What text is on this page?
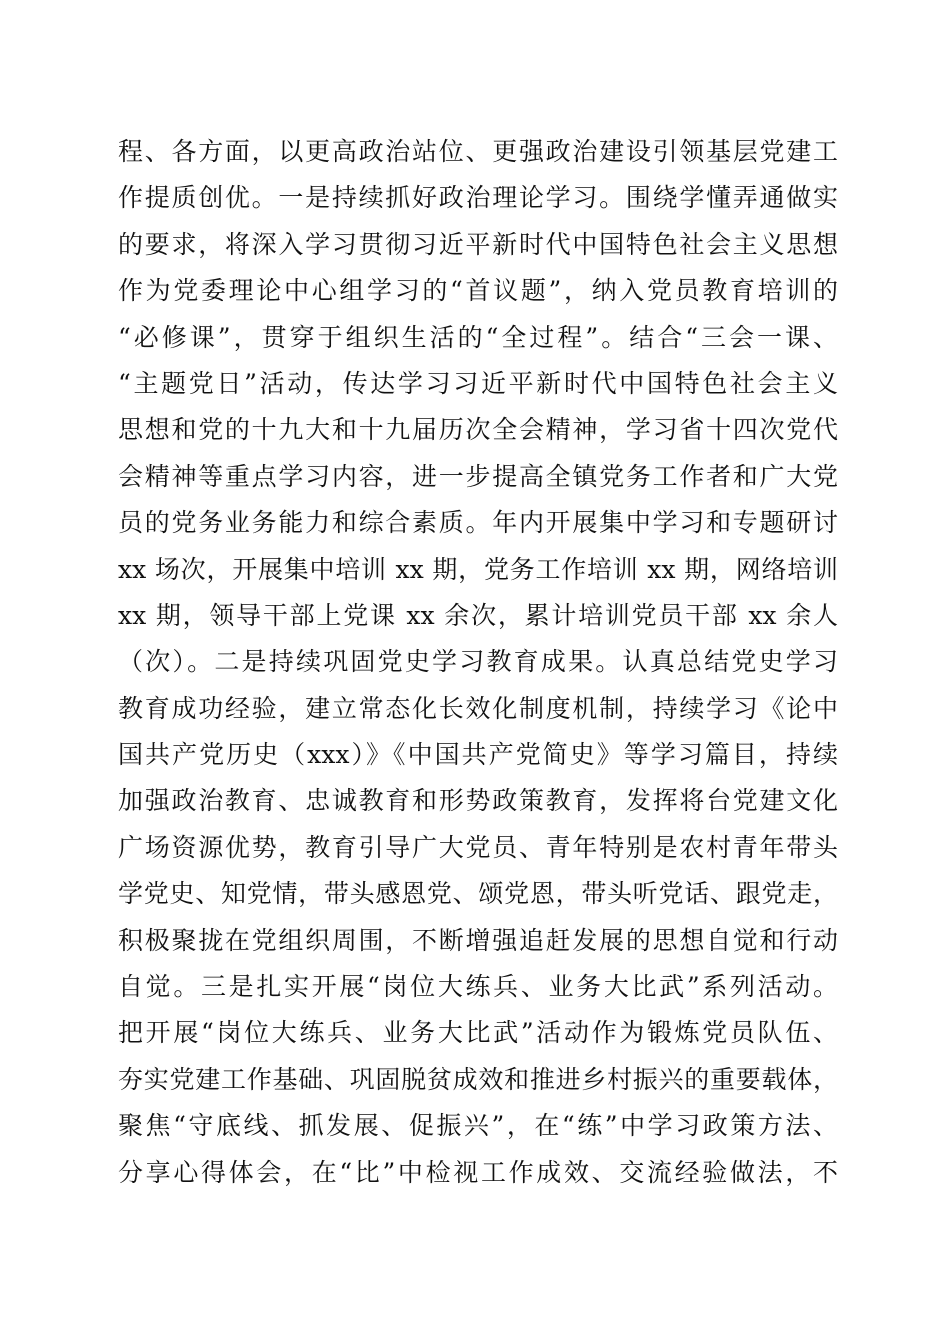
程、各方面，以更高政治站位、更强政治建设引领基层党建工
作提质创优。一是持续抓好政治理论学习。围绕学懂弄通做实
的要求，将深入学习贯彻习近平新时代中国特色社会主义思想
作为党委理论中心组学习的“首议题”，纳入党员教育培训的
“必修课”，贯穿于组织生活的“全过程”。结合“三会一课、
“主题党日”活动，传达学习习近平新时代中国特色社会主义
思想和党的十九大和十九届历次全会精神，学习省十四次党代
会精神等重点学习内容，进一步提高全镇党务工作者和广大党
员的党务业务能力和综合素质。年内开展集中学习和专题研讨
xx 场次，开展集中培训 xx 期，党务工作培训 xx 期，网络培训
xx 期，领导干部上党课 xx 余次，累计培训党员干部 xx 余人
（次）。二是持续巩固党史学习教育成果。认真总结党史学习
教育成功经验，建立常态化长效化制度机制，持续学习《论中
国共产党历史（xxx）》《中国共产党简史》等学习篇目，持续
加强政治教育、忠诚教育和形势政策教育，发挥将台党建文化
广场资源优势，教育引导广大党员、青年特别是农村青年带头
学党史、知党情，带头感恩党、颂党恩，带头听党话、跟党走，
积极聚拢在党组织周围，不断增强追赶发展的思想自觉和行动
自觉。三是扎实开展“岗位大练兵、业务大比武”系列活动。
把开展“岗位大练兵、业务大比武”活动作为锻炼党员队伍、
夯实党建工作基础、巩固脱贫成效和推进乡村振兴的重要载体，
聚焦“守底线、抓发展、促振兴”，在“练”中学习政策方法、
分享心得体会，在“比”中检视工作成效、交流经验做法，不
